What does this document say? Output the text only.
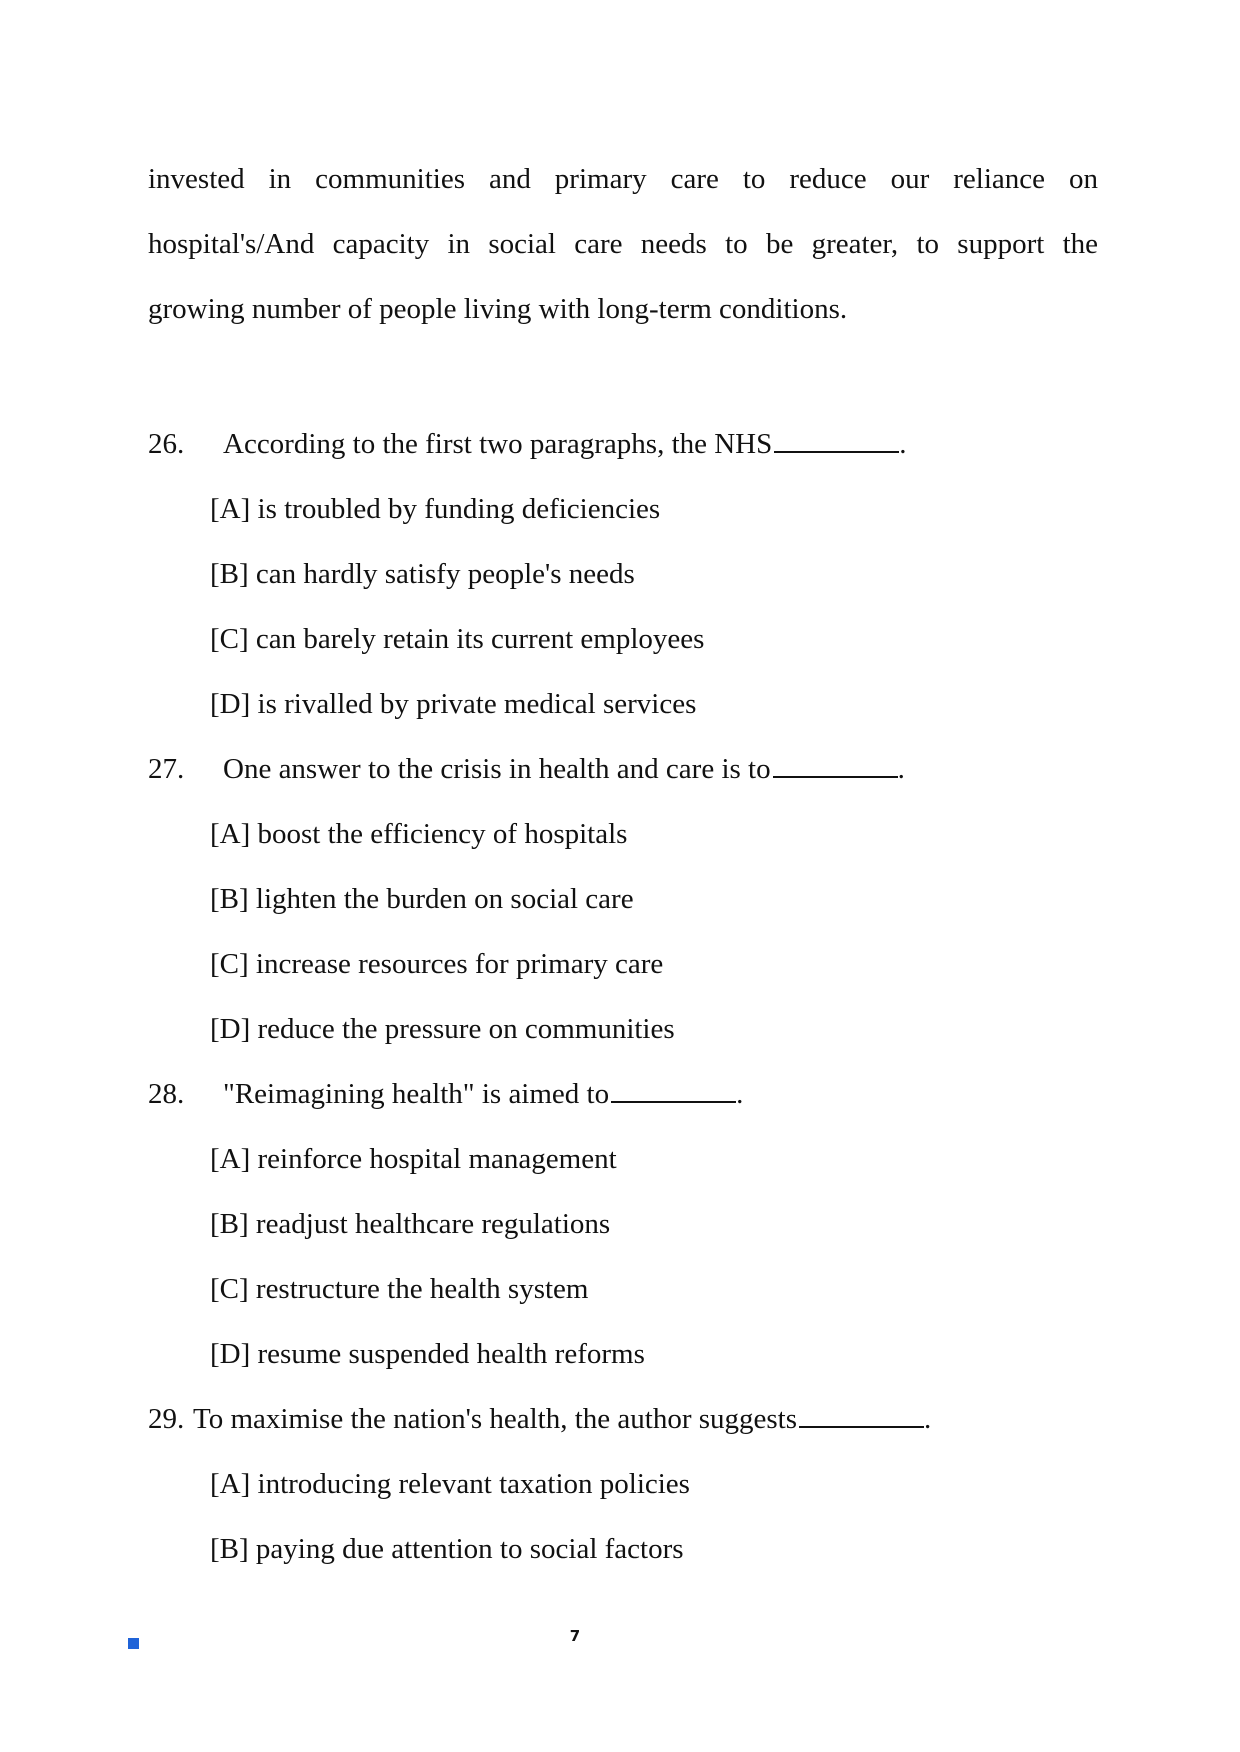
invested in communities and primary care to reduce our reliance on
hospital's/And capacity in social care needs to be greater, to support the
growing number of people living with long-term conditions.
26. According to the first two paragraphs, the NHS	.
[A] is troubled by funding deficiencies
[B] can hardly satisfy people's needs
[C] can barely retain its current employees
[D] is rivalled by private medical services
27. One answer to the crisis in health and care is to	.
[A] boost the efficiency of hospitals
[B] lighten the burden on social care
[C] increase resources for primary care
[D] reduce the pressure on communities
28. "Reimagining health" is aimed to	.
[A] reinforce hospital management
[B] readjust healthcare regulations
[C] restructure the health system
[D] resume suspended health reforms
29. To maximise the nation's health, the author suggests	.
[A] introducing relevant taxation policies
[B] paying due attention to social factors
7
